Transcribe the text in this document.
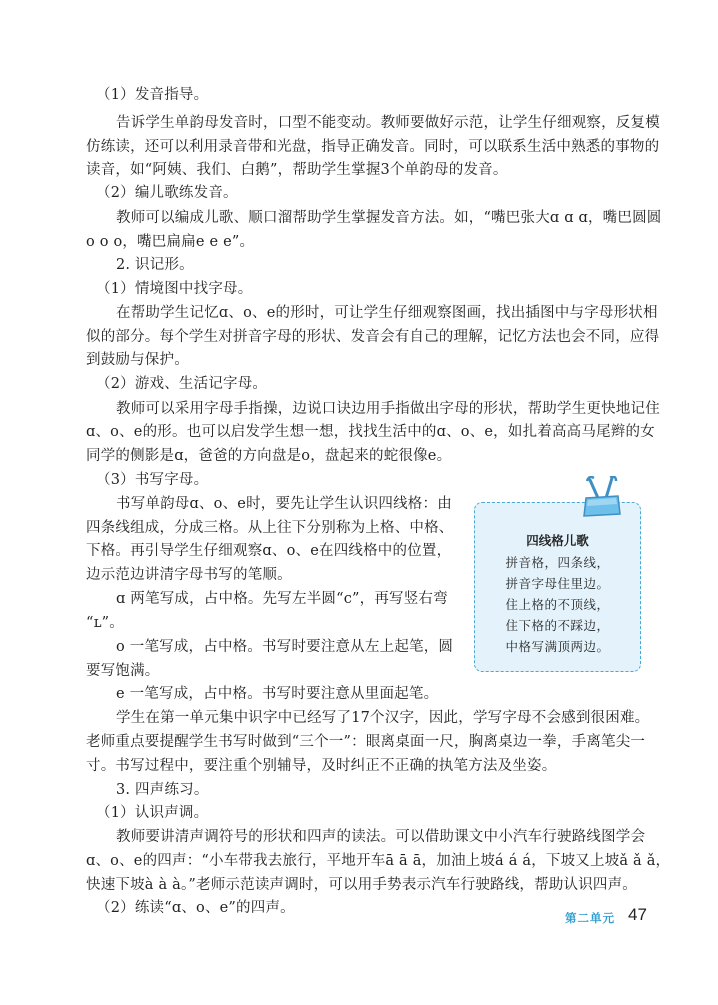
（1）发音指导。
告诉学生单韵母发音时，口型不能变动。教师要做好示范，让学生仔细观察，反复模
仿练读，还可以利用录音带和光盘，指导正确发音。同时，可以联系生活中熟悉的事物的
读音，如“阿姨、我们、白鹅”，帮助学生掌握3个单韵母的发音。
（2）编儿歌练发音。
教师可以编成儿歌、顺口溜帮助学生掌握发音方法。如，“嘴巴张大ɑ ɑ ɑ，嘴巴圆圆
o o o，嘴巴扁扁e e e”。
2. 识记形。
（1）情境图中找字母。
在帮助学生记忆ɑ、o、e的形时，可让学生仔细观察图画，找出插图中与字母形状相
似的部分。每个学生对拼音字母的形状、发音会有自己的理解，记忆方法也会不同，应得
到鼓励与保护。
（2）游戏、生活记字母。
教师可以采用字母手指操，边说口诀边用手指做出字母的形状，帮助学生更快地记住
ɑ、o、e的形。也可以启发学生想一想，找找生活中的ɑ、o、e，如扎着高高马尾辫的女
同学的侧影是ɑ，爸爸的方向盘是o，盘起来的蛇很像e。
（3）书写字母。
书写单韵母ɑ、o、e时，要先让学生认识四线格：由
四条线组成，分成三格。从上往下分别称为上格、中格、
下格。再引导学生仔细观察ɑ、o、e在四线格中的位置，
边示范边讲清字母书写的笔顺。
ɑ 两笔写成，占中格。先写左半圆“c”，再写竖右弯
“ʟ”。
o 一笔写成，占中格。书写时要注意从左上起笔，圆
要写饱满。
e 一笔写成，占中格。书写时要注意从里面起笔。
学生在第一单元集中识字中已经写了17个汉字，因此，学写字母不会感到很困难。
老师重点要提醒学生书写时做到“三个一”：眼离桌面一尺，胸离桌边一拳，手离笔尖一
寸。书写过程中，要注重个别辅导，及时纠正不正确的执笔方法及坐姿。
3. 四声练习。
（1）认识声调。
教师要讲清声调符号的形状和四声的读法。可以借助课文中小汽车行驶路线图学会
ɑ、o、e的四声：“小车带我去旅行，平地开车ā ā ā，加油上坡á á á，下坡又上坡ǎ ǎ ǎ，
快速下坡à à à。”老师示范读声调时，可以用手势表示汽车行驶路线，帮助认识四声。
（2）练读“ɑ、o、e”的四声。
四线格儿歌
拼音格，四条线，
拼音字母住里边。
住上格的不顶线，
住下格的不踩边，
中格写满顶两边。
第二单元 47
